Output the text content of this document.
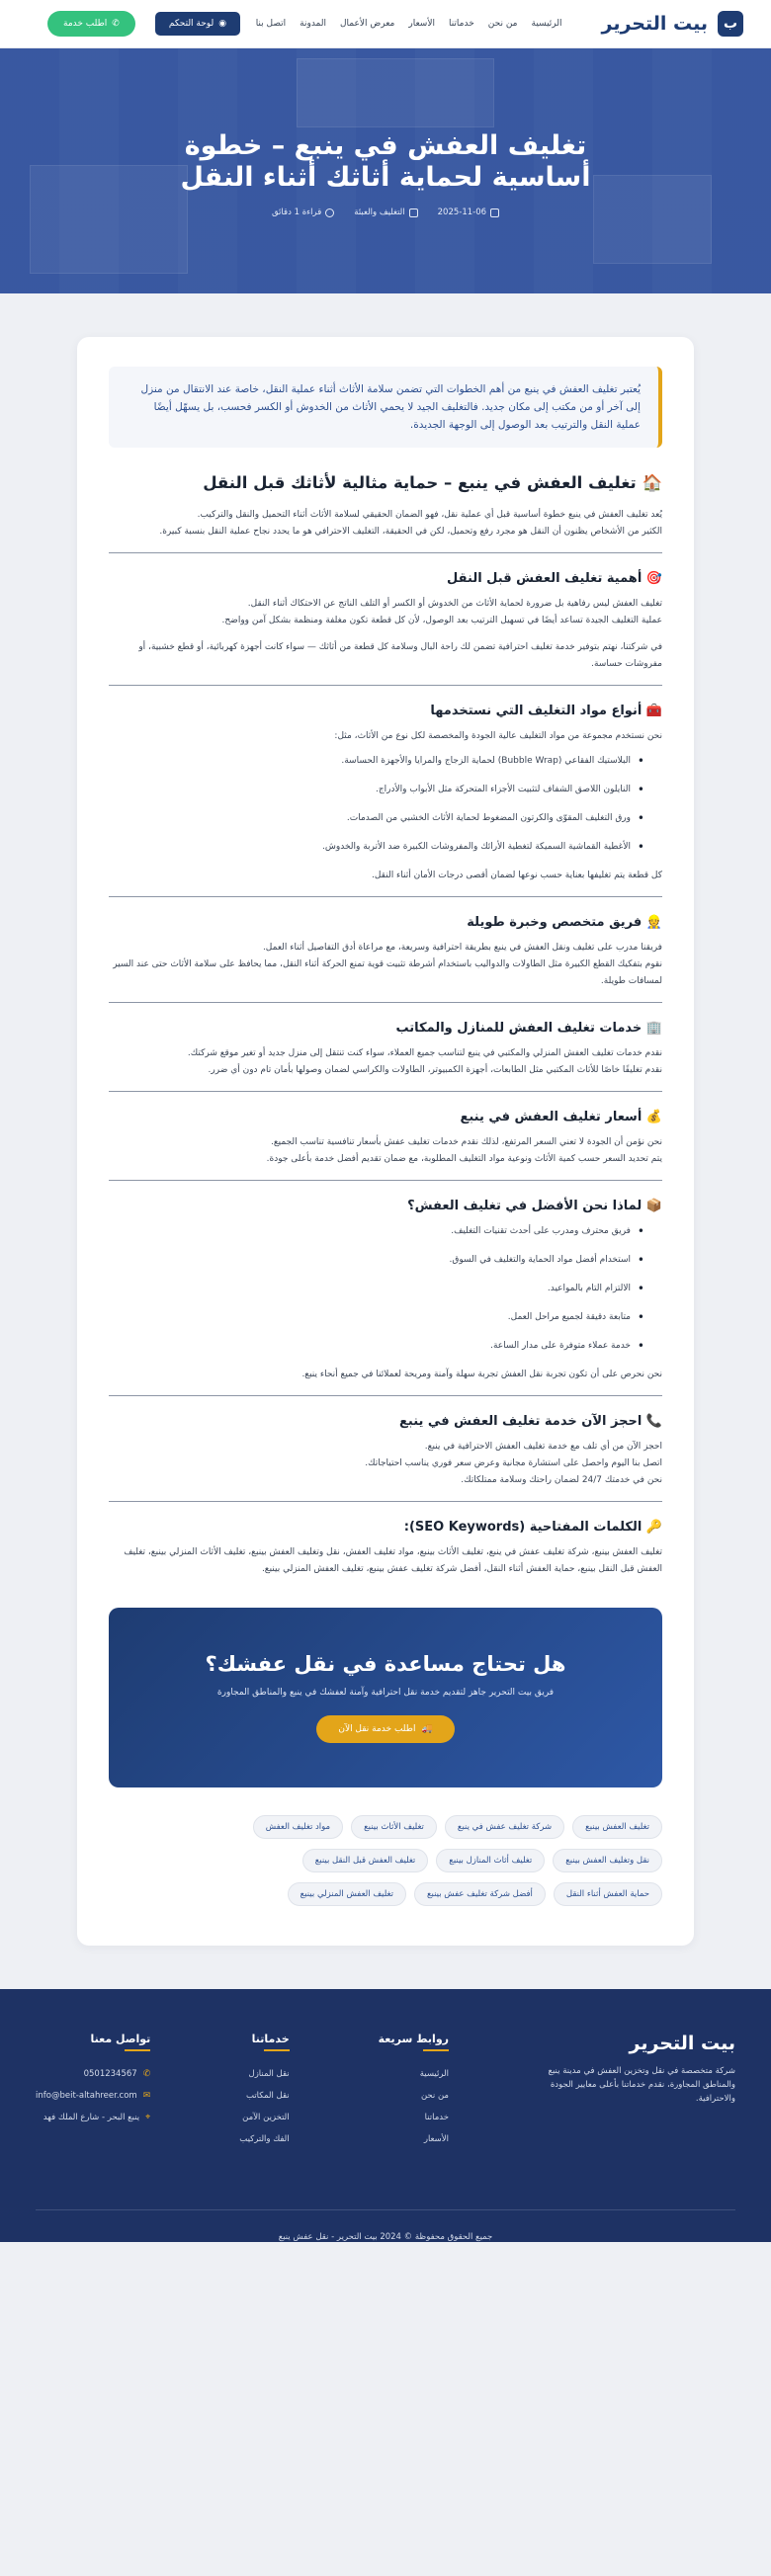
ب
بيت التحرير
الرئيسية
من نحن
خدماتنا
الأسعار
معرض الأعمال
المدونة
اتصل بنا
◉
لوحة التحكم
✆
اطلب خدمة
تغليف العفش في ينبع – خطوة أساسية لحماية أثاثك أثناء النقل
2025-11-06
التغليف والعبئة
قراءة 1 دقائق
يُعتبر تغليف العفش في ينبع من أهم الخطوات التي تضمن سلامة الأثاث أثناء عملية النقل، خاصة عند الانتقال من منزل إلى آخر أو من مكتب إلى مكان جديد. فالتغليف الجيد لا يحمي الأثاث من الخدوش أو الكسر فحسب، بل يسهّل أيضًا عملية النقل والترتيب بعد الوصول إلى الوجهة الجديدة.
🏠 تغليف العفش في ينبع – حماية مثالية لأثاثك قبل النقل

يُعد تغليف العفش في ينبع خطوة أساسية قبل أي عملية نقل، فهو الضمان الحقيقي لسلامة الأثاث أثناء التحميل والنقل والتركيب.

الكثير من الأشخاص يظنون أن النقل هو مجرد رفع وتحميل، لكن في الحقيقة، التغليف الاحترافي هو ما يحدد نجاح عملية النقل بنسبة كبيرة.

🎯 أهمية تغليف العفش قبل النقل

تغليف العفش ليس رفاهية بل ضرورة لحماية الأثاث من الخدوش أو الكسر أو التلف الناتج عن الاحتكاك أثناء النقل.

عملية التغليف الجيدة تساعد أيضًا في تسهيل الترتيب بعد الوصول، لأن كل قطعة تكون مغلفة ومنظمة بشكل آمن وواضح.

في شركتنا، نهتم بتوفير خدمة تغليف احترافية تضمن لك راحة البال وسلامة كل قطعة من أثاثك — سواء كانت أجهزة كهربائية، أو قطع خشبية، أو مفروشات حساسة.

🧰 أنواع مواد التغليف التي نستخدمها

نحن نستخدم مجموعة من مواد التغليف عالية الجودة والمخصصة لكل نوع من الأثاث، مثل:

• البلاستيك الفقاعي (Bubble Wrap) لحماية الزجاج والمرايا والأجهزة الحساسة.
• النايلون اللاصق الشفاف لتثبيت الأجزاء المتحركة مثل الأبواب والأدراج.
• ورق التغليف المقوّى والكرتون المضغوط لحماية الأثاث الخشبي من الصدمات.
• الأغطية القماشية السميكة لتغطية الأرائك والمفروشات الكبيرة ضد الأتربة والخدوش.

كل قطعة يتم تغليفها بعناية حسب نوعها لضمان أقصى درجات الأمان أثناء النقل.

👷 فريق متخصص وخبرة طويلة

فريقنا مدرب على تغليف ونقل العفش في ينبع بطريقة احترافية وسريعة، مع مراعاة أدق التفاصيل أثناء العمل.

نقوم بتفكيك القطع الكبيرة مثل الطاولات والدواليب باستخدام أشرطة تثبيت قوية تمنع الحركة أثناء النقل، مما يحافظ على سلامة الأثاث حتى عند السير لمسافات طويلة.

🏢 خدمات تغليف العفش للمنازل والمكاتب

نقدم خدمات تغليف العفش المنزلي والمكتبي في ينبع لتناسب جميع العملاء، سواء كنت تنتقل إلى منزل جديد أو تغير موقع شركتك.

نقدم تغليفًا خاصًا للأثاث المكتبي مثل الطابعات، أجهزة الكمبيوتر، الطاولات والكراسي لضمان وصولها بأمان تام دون أي ضرر.

💰 أسعار تغليف العفش في ينبع

نحن نؤمن أن الجودة لا تعني السعر المرتفع، لذلك نقدم خدمات تغليف عفش بأسعار تنافسية تناسب الجميع.

يتم تحديد السعر حسب كمية الأثاث ونوعية مواد التغليف المطلوبة، مع ضمان تقديم أفضل خدمة بأعلى جودة.

📦 لماذا نحن الأفضل في تغليف العفش؟
• فريق محترف ومدرب على أحدث تقنيات التغليف.
• استخدام أفضل مواد الحماية والتغليف في السوق.
• الالتزام التام بالمواعيد.
• متابعة دقيقة لجميع مراحل العمل.
• خدمة عملاء متوفرة على مدار الساعة.

نحن نحرص على أن تكون تجربة نقل العفش تجربة سهلة وآمنة ومريحة لعملائنا في جميع أنحاء ينبع.

📞 احجز الآن خدمة تغليف العفش في ينبع

احجز الآن من أي تلف مع خدمة تغليف العفش الاحترافية في ينبع.

اتصل بنا اليوم واحصل على استشارة مجانية وعرض سعر فوري يناسب احتياجاتك.

نحن في خدمتك 24/7 لضمان راحتك وسلامة ممتلكاتك.

🔑 الكلمات المفتاحية (SEO Keywords):

تغليف العفش بينبع، شركة تغليف عفش في ينبع، تغليف الأثاث بينبع، مواد تغليف العفش، نقل وتغليف العفش بينبع، تغليف الأثاث المنزلي بينبع، تغليف العفش قبل النقل بينبع، حماية العفش أثناء النقل، أفضل شركة تغليف عفش بينبع، تغليف العفش المنزلي بينبع.

هل تحتاج مساعدة في نقل عفشك؟

فريق بيت التحرير جاهز لتقديم خدمة نقل احترافية وآمنة لعفشك في ينبع والمناطق المجاورة

🚚
اطلب خدمة نقل الآن
تغليف العفش بينبع
شركة تغليف عفش في ينبع
تغليف الأثاث بينبع
مواد تغليف العفش
نقل وتغليف العفش بينبع
تغليف أثاث المنازل بينبع
تغليف العفش قبل النقل بينبع
حماية العفش أثناء النقل
أفضل شركة تغليف عفش بينبع
تغليف العفش المنزلي بينبع
بيت التحرير

شركة متخصصة في نقل وتخزين العفش في مدينة ينبع والمناطق المجاورة، نقدم خدماتنا بأعلى معايير الجودة والاحترافية.

روابط سريعة
الرئيسية
من نحن
خدماتنا
الأسعار
خدماتنا
نقل المنازل
نقل المكاتب
التخزين الآمن
الفك والتركيب
تواصل معنا
✆
0501234567
✉
info@beit-altahreer.com
⌖
ينبع البحر - شارع الملك فهد
جميع الحقوق محفوظة © 2024 بيت التحرير - نقل عفش ينبع
